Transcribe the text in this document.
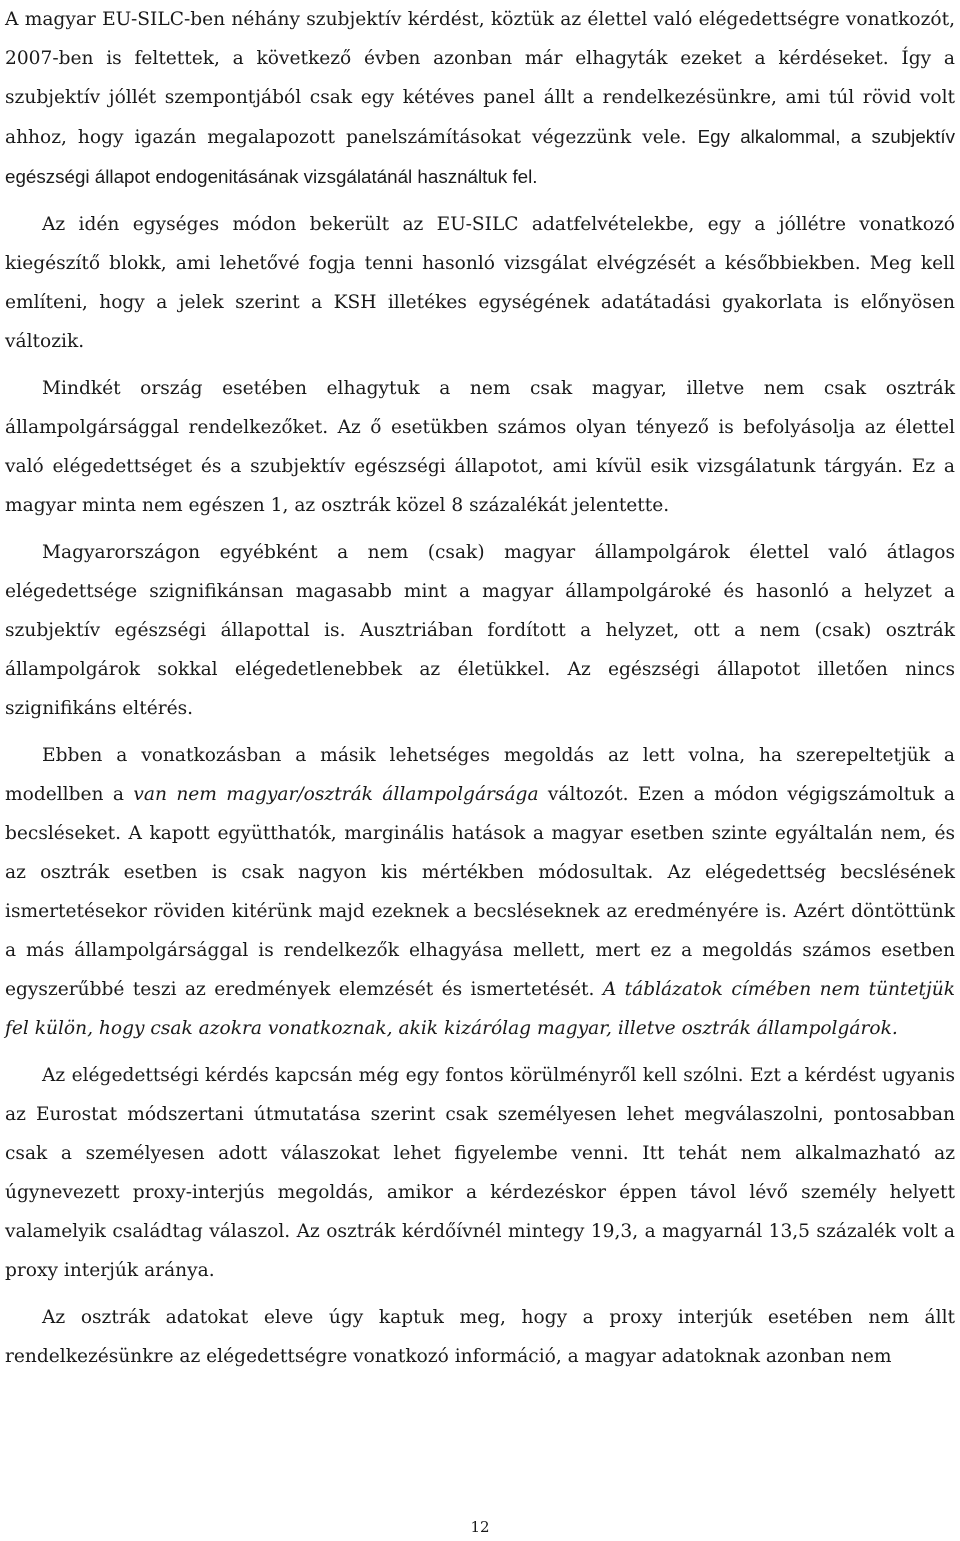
A magyar EU-SILC-ben néhány szubjektív kérdést, köztük az élettel való elégedettségre vonatkozót, 2007-ben is feltettek, a következő évben azonban már elhagyták ezeket a kérdéseket. Így a szubjektív jóllét szempontjából csak egy kétéves panel állt a rendelkezésünkre, ami túl rövid volt ahhoz, hogy igazán megalapozott panelszámításokat végezzünk vele. Egy alkalommal, a szubjektív egészségi állapot endogenitásának vizsgálatánál használtuk fel.

Az idén egységes módon bekerült az EU-SILC adatfelvételekbe, egy a jóllétre vonatkozó kiegészítő blokk, ami lehetővé fogja tenni hasonló vizsgálat elvégzését a későbbiekben. Meg kell említeni, hogy a jelek szerint a KSH illetékes egységének adatátadási gyakorlata is előnyösen változik.

Mindkét ország esetében elhagytuk a nem csak magyar, illetve nem csak osztrák állampolgársággal rendelkezőket. Az ő esetükben számos olyan tényező is befolyásolja az élettel való elégedettséget és a szubjektív egészségi állapotot, ami kívül esik vizsgálatunk tárgyán. Ez a magyar minta nem egészen 1, az osztrák közel 8 százalékát jelentette.

Magyarországon egyébként a nem (csak) magyar állampolgárok élettel való átlagos elégedettsége szignifikánsan magasabb mint a magyar állampolgároké és hasonló a helyzet a szubjektív egészségi állapottal is. Ausztriában fordított a helyzet, ott a nem (csak) osztrák állampolgárok sokkal elégedetlenebbek az életükkel. Az egészségi állapotot illetően nincs szignifikáns eltérés.

Ebben a vonatkozásban a másik lehetséges megoldás az lett volna, ha szerepeltetjük a modellben a van nem magyar/osztrák állampolgársága változót. Ezen a módon végigszámoltuk a becsléseket. A kapott együtthatók, marginális hatások a magyar esetben szinte egyáltalán nem, és az osztrák esetben is csak nagyon kis mértékben módosultak. Az elégedettség becslésének ismertetésekor röviden kitérünk majd ezeknek a becsléseknek az eredményére is. Azért döntöttünk a más állampolgársággal is rendelkezők elhagyása mellett, mert ez a megoldás számos esetben egyszerűbbé teszi az eredmények elemzését és ismertetését. A táblázatok címében nem tüntetjük fel külön, hogy csak azokra vonatkoznak, akik kizárólag magyar, illetve osztrák állampolgárok.

Az elégedettségi kérdés kapcsán még egy fontos körülményről kell szólni. Ezt a kérdést ugyanis az Eurostat módszertani útmutatása szerint csak személyesen lehet megválaszolni, pontosabban csak a személyesen adott válaszokat lehet figyelembe venni. Itt tehát nem alkalmazható az úgynevezett proxy-interjús megoldás, amikor a kérdezéskor éppen távol lévő személy helyett valamelyik családtag válaszol. Az osztrák kérdőívnél mintegy 19,3, a magyarnál 13,5 százalék volt a proxy interjúk aránya.

Az osztrák adatokat eleve úgy kaptuk meg, hogy a proxy interjúk esetében nem állt rendelkezésünkre az elégedettségre vonatkozó információ, a magyar adatoknak azonban nem

12
